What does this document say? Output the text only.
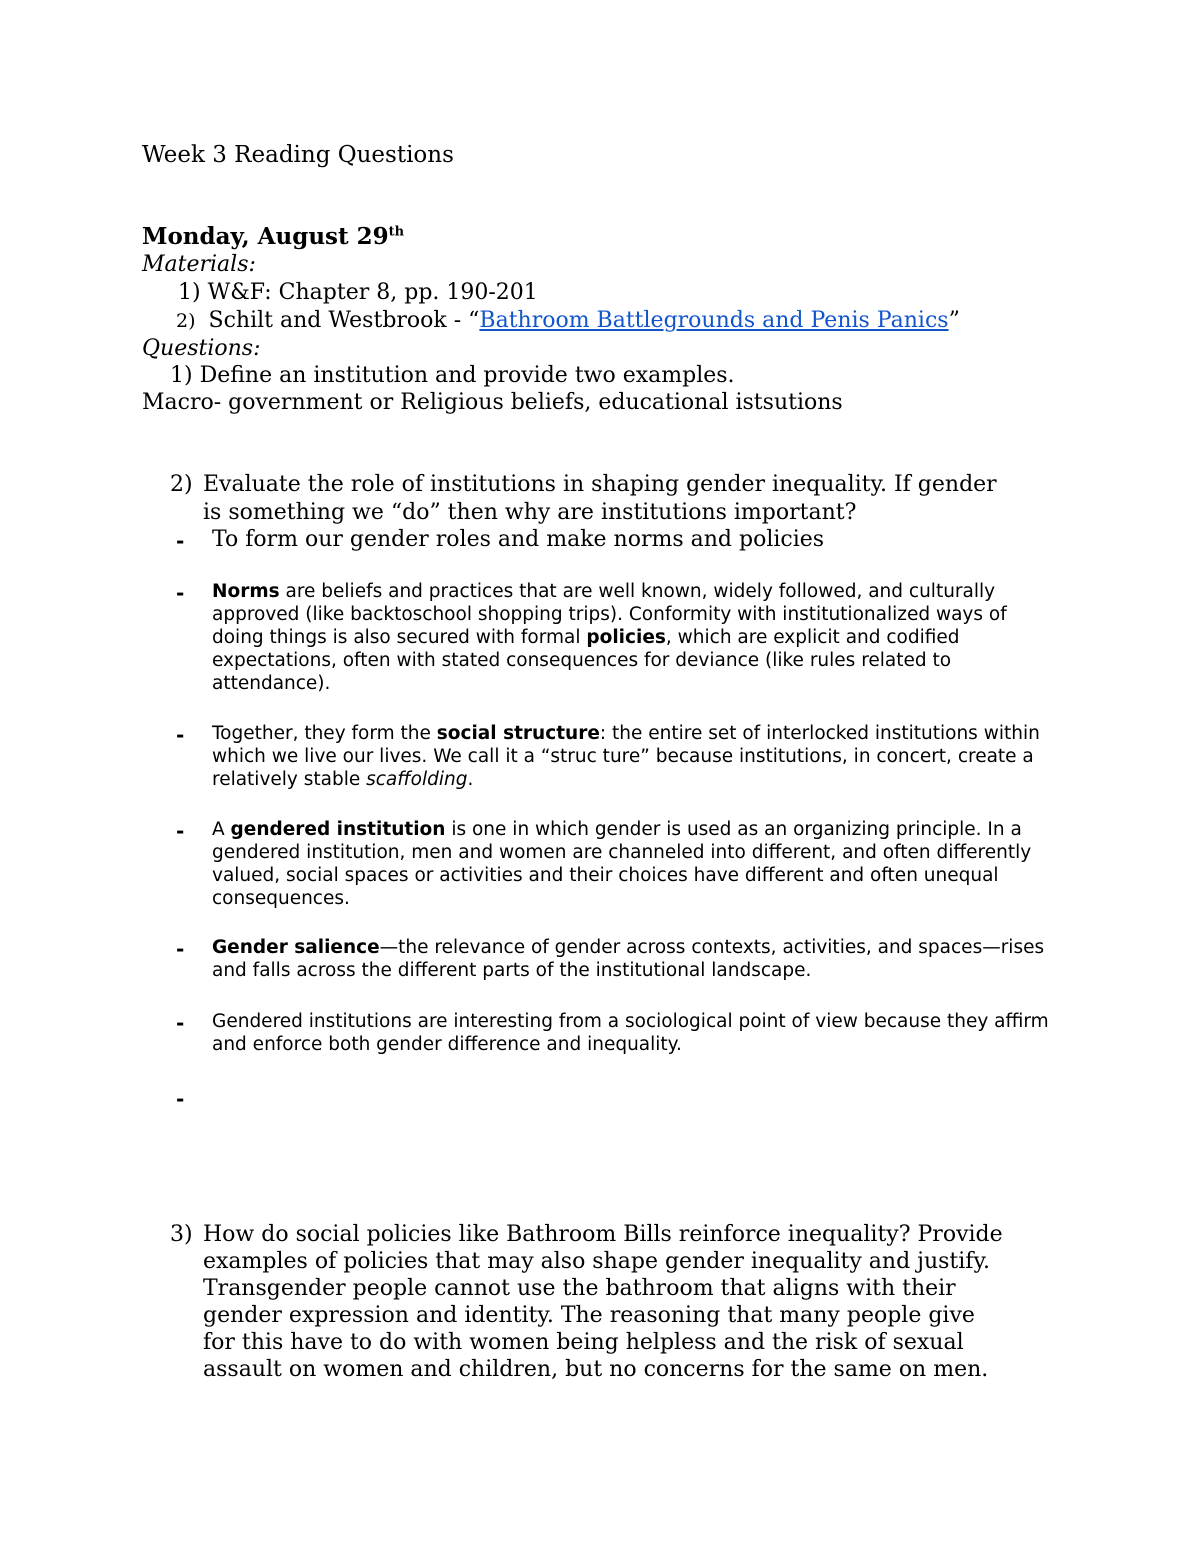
Week 3 Reading Questions
Monday, August 29th
Materials:
1) W&F: Chapter 8, pp. 190-201
2) Schilt and Westbrook - “Bathroom Battlegrounds and Penis Panics”
Questions:
1) Define an institution and provide two examples.
Macro- government or Religious beliefs, educational istsutions
2) Evaluate the role of institutions in shaping gender inequality. If gender
is something we “do” then why are institutions important?
- To form our gender roles and make norms and policies
- Norms are beliefs and practices that are well known, widely followed, and culturally approved (like backtoschool shopping trips). Conformity with institutionalized ways of doing things is also secured with formal policies, which are explicit and codified expectations, often with stated consequences for deviance (like rules related to attendance).
- Together, they form the social structure: the entire set of interlocked institutions within which we live our lives. We call it a “struc ture” because institutions, in concert, create a relatively stable scaffolding.
- A gendered institution is one in which gender is used as an organizing principle. In a gendered institution, men and women are channeled into different, and often differently valued, social spaces or activities and their choices have different and often unequal consequences.
- Gender salience—the relevance of gender across contexts, activities, and spaces—rises and falls across the different parts of the institutional landscape.
- Gendered institutions are interesting from a sociological point of view because they affirm and enforce both gender difference and inequality.
-
3) How do social policies like Bathroom Bills reinforce inequality? Provide
examples of policies that may also shape gender inequality and justify.
Transgender people cannot use the bathroom that aligns with their
gender expression and identity. The reasoning that many people give
for this have to do with women being helpless and the risk of sexual
assault on women and children, but no concerns for the same on men.
